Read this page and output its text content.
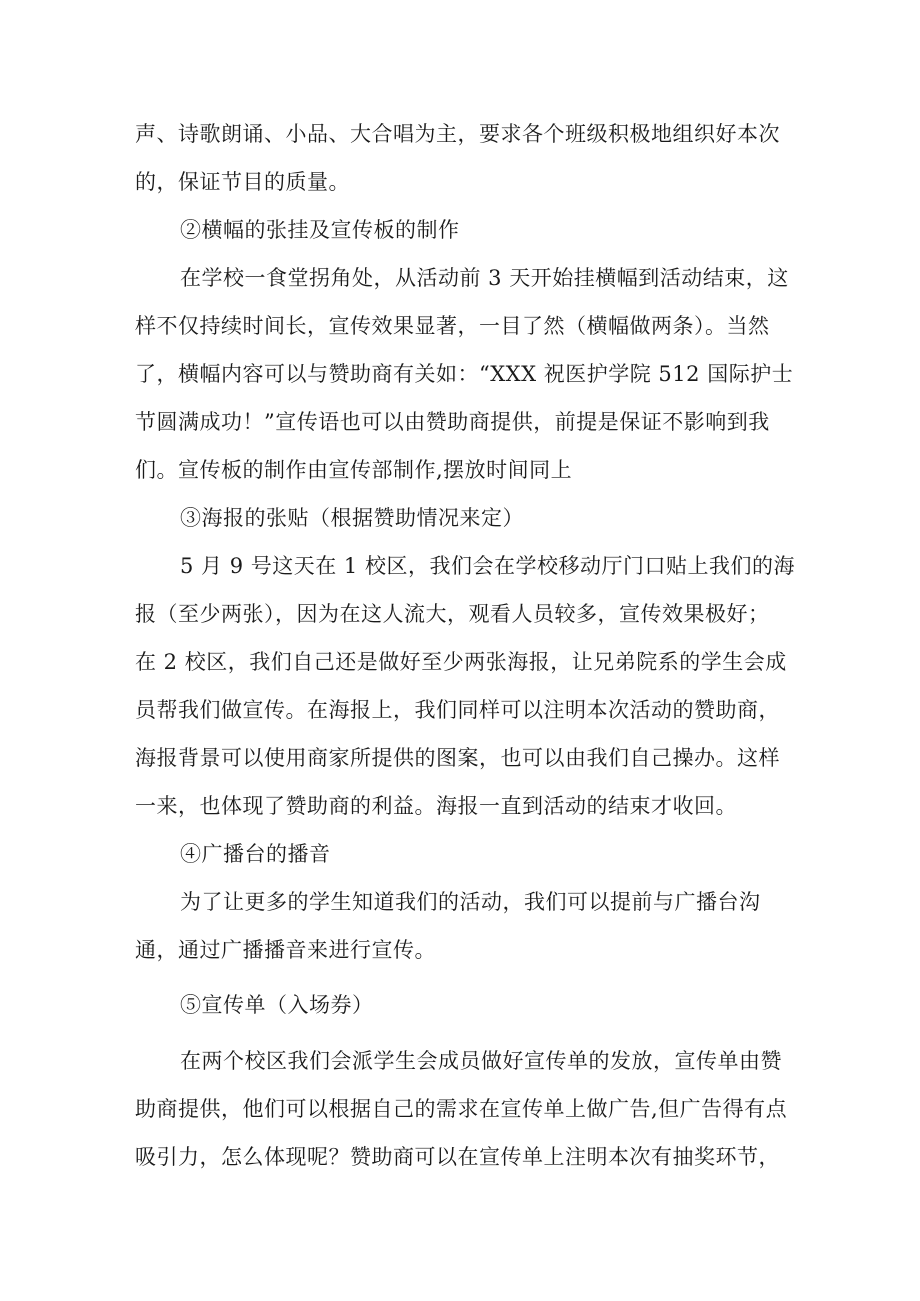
声、诗歌朗诵、小品、大合唱为主，要求各个班级积极地组织好本次
的，保证节目的质量。
②横幅的张挂及宣传板的制作
在学校一食堂拐角处，从活动前 3 天开始挂横幅到活动结束，这
样不仅持续时间长，宣传效果显著，一目了然（横幅做两条）。当然
了，横幅内容可以与赞助商有关如：“XXX 祝医护学院 512 国际护士
节圆满成功！”宣传语也可以由赞助商提供，前提是保证不影响到我
们。宣传板的制作由宣传部制作,摆放时间同上
③海报的张贴（根据赞助情况来定）
5 月 9 号这天在 1 校区，我们会在学校移动厅门口贴上我们的海
报（至少两张），因为在这人流大，观看人员较多，宣传效果极好；
在 2 校区，我们自己还是做好至少两张海报，让兄弟院系的学生会成
员帮我们做宣传。在海报上，我们同样可以注明本次活动的赞助商，
海报背景可以使用商家所提供的图案，也可以由我们自己操办。这样
一来，也体现了赞助商的利益。海报一直到活动的结束才收回。
④广播台的播音
为了让更多的学生知道我们的活动，我们可以提前与广播台沟
通，通过广播播音来进行宣传。
⑤宣传单（入场券）
在两个校区我们会派学生会成员做好宣传单的发放，宣传单由赞
助商提供，他们可以根据自己的需求在宣传单上做广告,但广告得有点
吸引力，怎么体现呢？赞助商可以在宣传单上注明本次有抽奖环节，
